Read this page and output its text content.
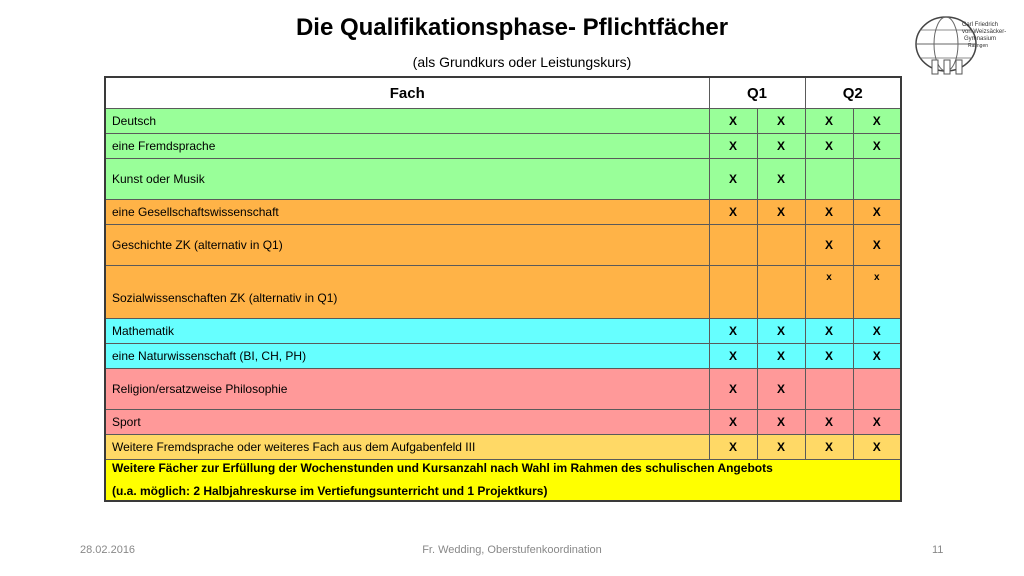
Die Qualifikationsphase- Pflichtfächer
(als Grundkurs oder Leistungskurs)
Carl Friedrich
von Weizsäcker-
Gymnasium
Ratingen
Fach	Q1		Q2	
Deutsch	X	X	X	X
eine Fremdsprache	X	X	X	X
Kunst oder Musik	X	X		
eine Gesellschaftswissenschaft	X	X	X	X
Geschichte ZK (alternativ in Q1)			X	X
Sozialwissenschaften ZK (alternativ in Q1)			x	x
Mathematik	X	X	X	X
eine Naturwissenschaft (BI, CH, PH)	X	X	X	X
Religion/ersatzweise Philosophie	X	X		
Sport	X	X	X	X
Weitere Fremdsprache oder weiteres Fach aus dem Aufgabenfeld III	X	X	X	X
Weitere Fächer zur Erfüllung der Wochenstunden und Kursanzahl nach Wahl im Rahmen des schulischen Angebots
(u.a. möglich: 2 Halbjahreskurse im Vertiefungsunterricht und 1 Projektkurs)				
28.02.2016	Fr. Wedding, Oberstufenkoordination	11
